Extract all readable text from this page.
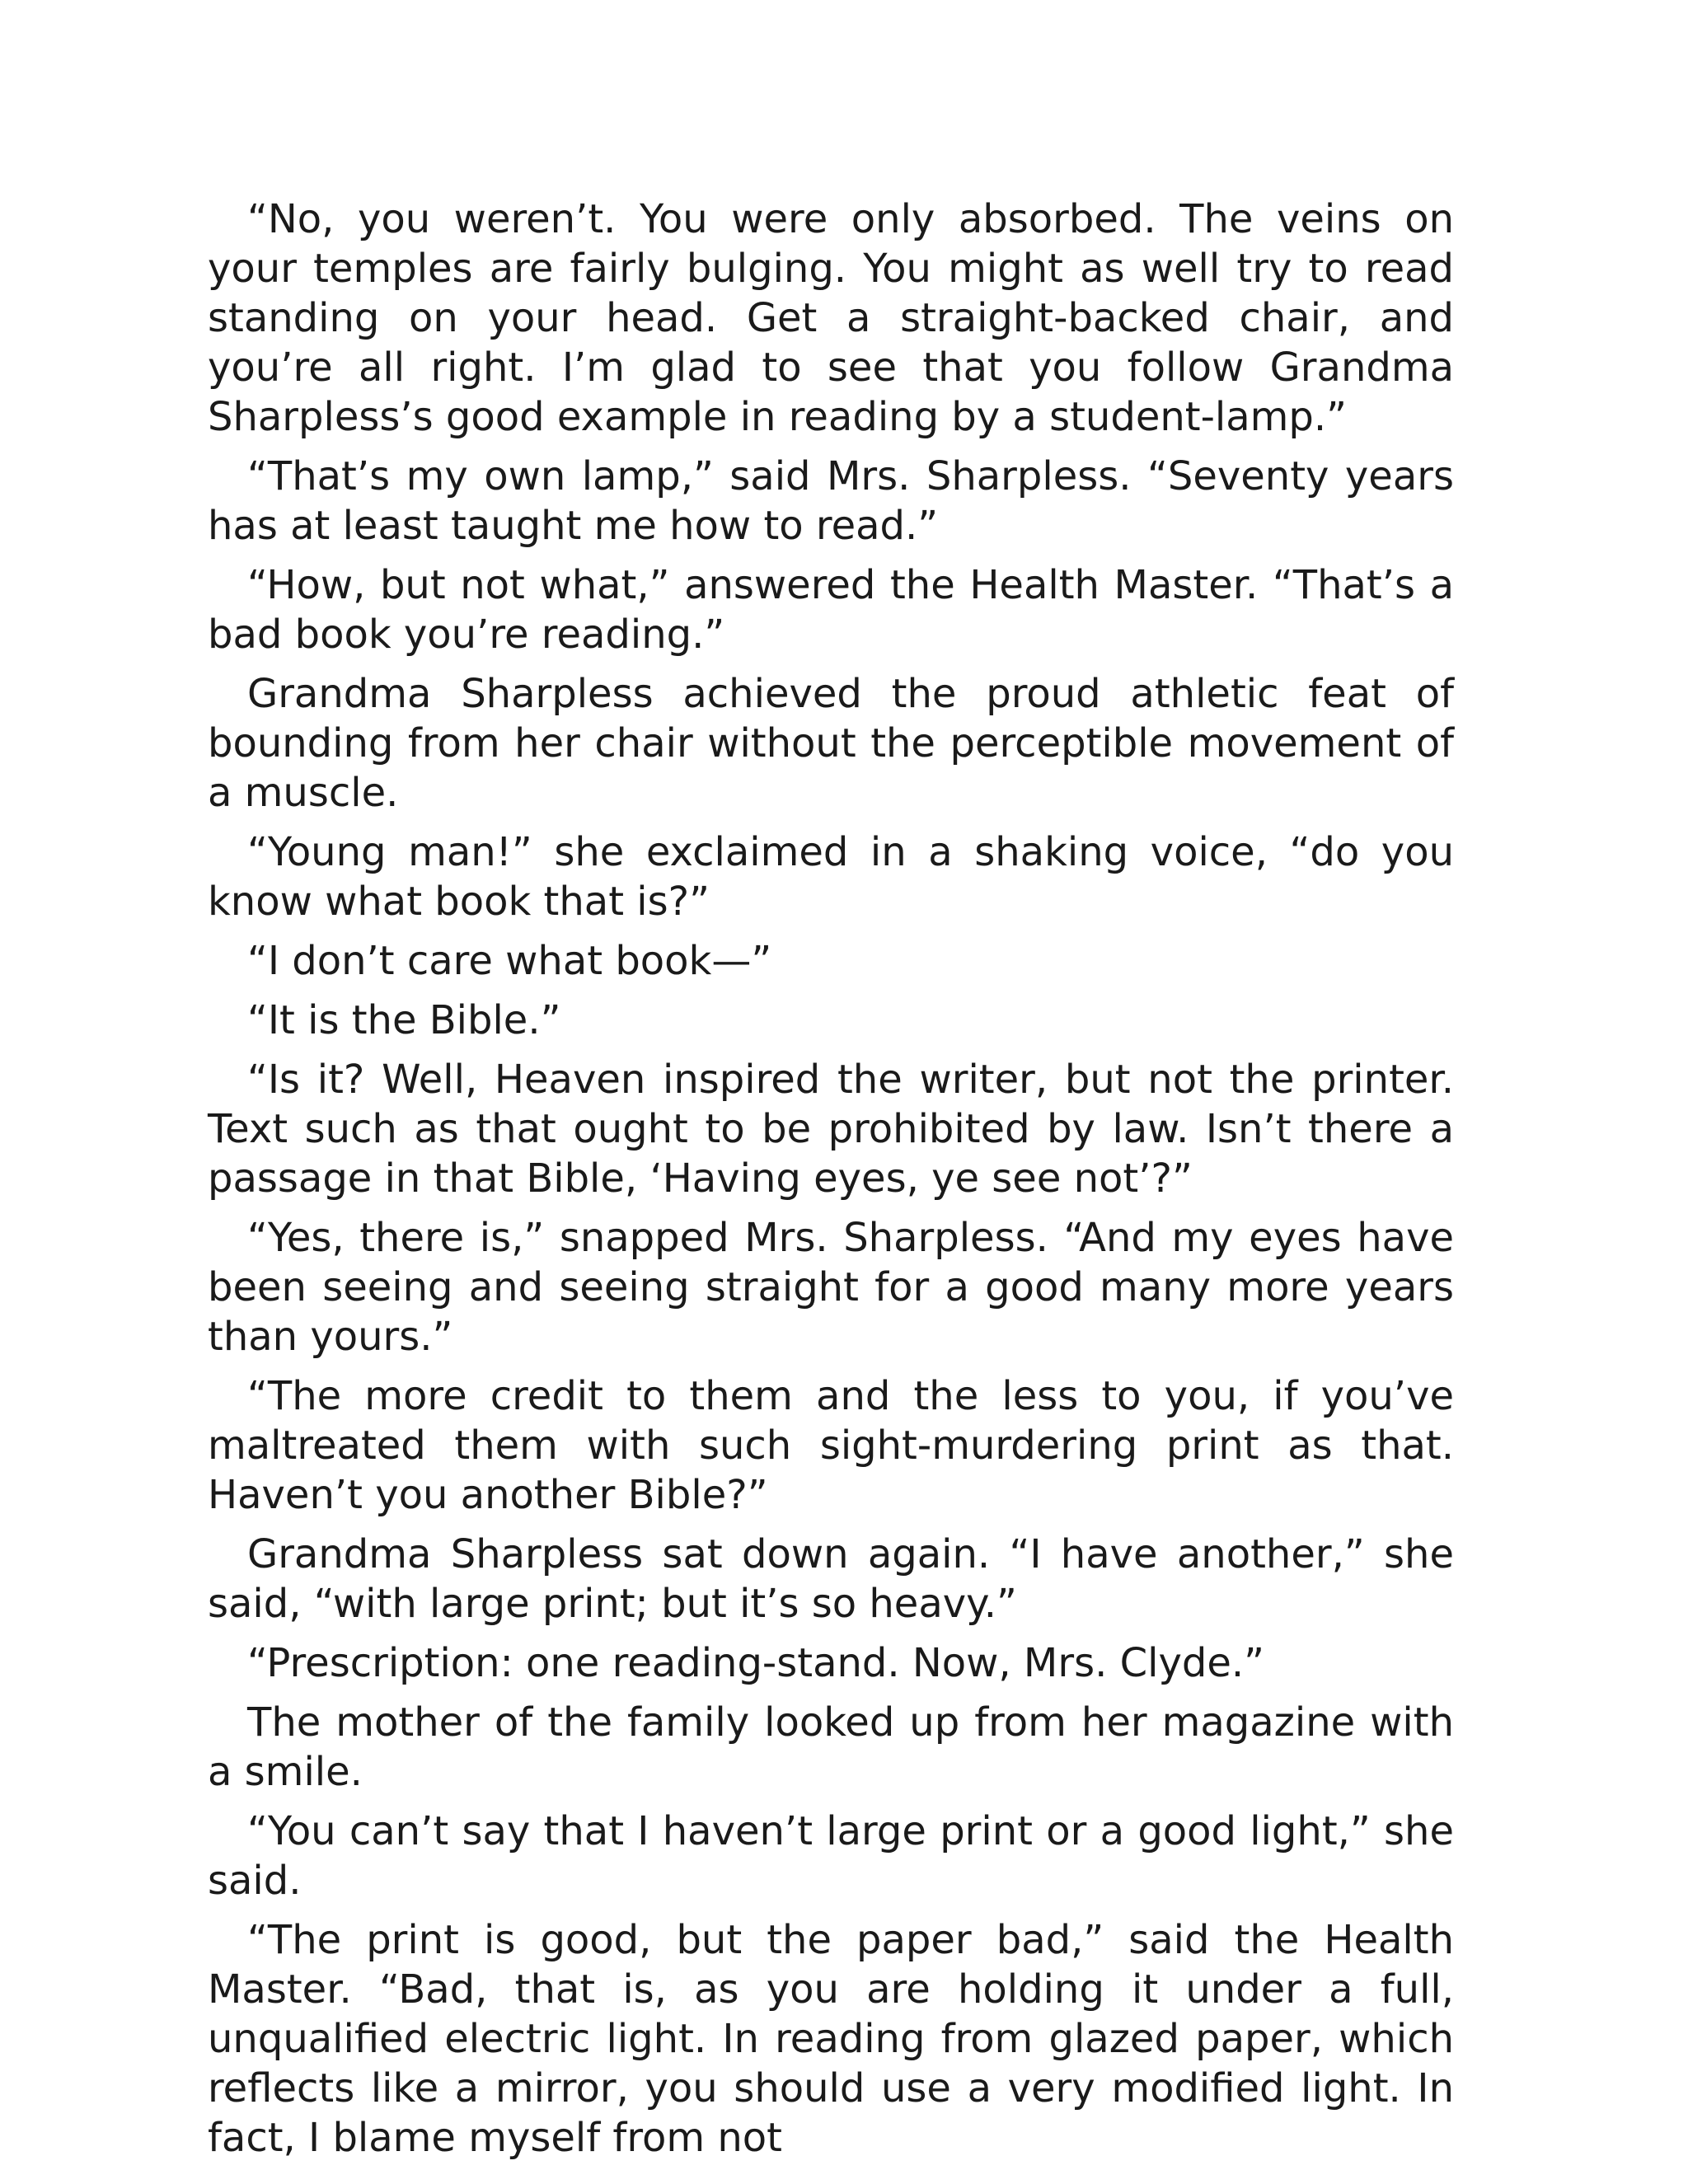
“No, you weren’t. You were only absorbed. The veins on your temples are fairly bulging. You might as well try to read standing on your head. Get a straight-backed chair, and you’re all right. I’m glad to see that you follow Grandma Sharpless’s good example in reading by a student-lamp.”

“That’s my own lamp,” said Mrs. Sharpless. “Seventy years has at least taught me how to read.”

“How, but not what,” answered the Health Master. “That’s a bad book you’re reading.”

Grandma Sharpless achieved the proud athletic feat of bounding from her chair without the perceptible movement of a muscle.

“Young man!” she exclaimed in a shaking voice, “do you know what book that is?”

“I don’t care what book—”

“It is the Bible.”

“Is it? Well, Heaven inspired the writer, but not the printer. Text such as that ought to be prohibited by law. Isn’t there a passage in that Bible, ‘Having eyes, ye see not’?”

“Yes, there is,” snapped Mrs. Sharpless. “And my eyes have been seeing and seeing straight for a good many more years than yours.”

“The more credit to them and the less to you, if you’ve maltreated them with such sight-murdering print as that. Haven’t you another Bible?”

Grandma Sharpless sat down again. “I have another,” she said, “with large print; but it’s so heavy.”

“Prescription: one reading-stand. Now, Mrs. Clyde.”

The mother of the family looked up from her magazine with a smile.

“You can’t say that I haven’t large print or a good light,” she said.

“The print is good, but the paper bad,” said the Health Master. “Bad, that is, as you are holding it under a full, unqualified electric light. In reading from glazed paper, which reflects like a mirror, you should use a very modified light. In fact, I blame myself from not
